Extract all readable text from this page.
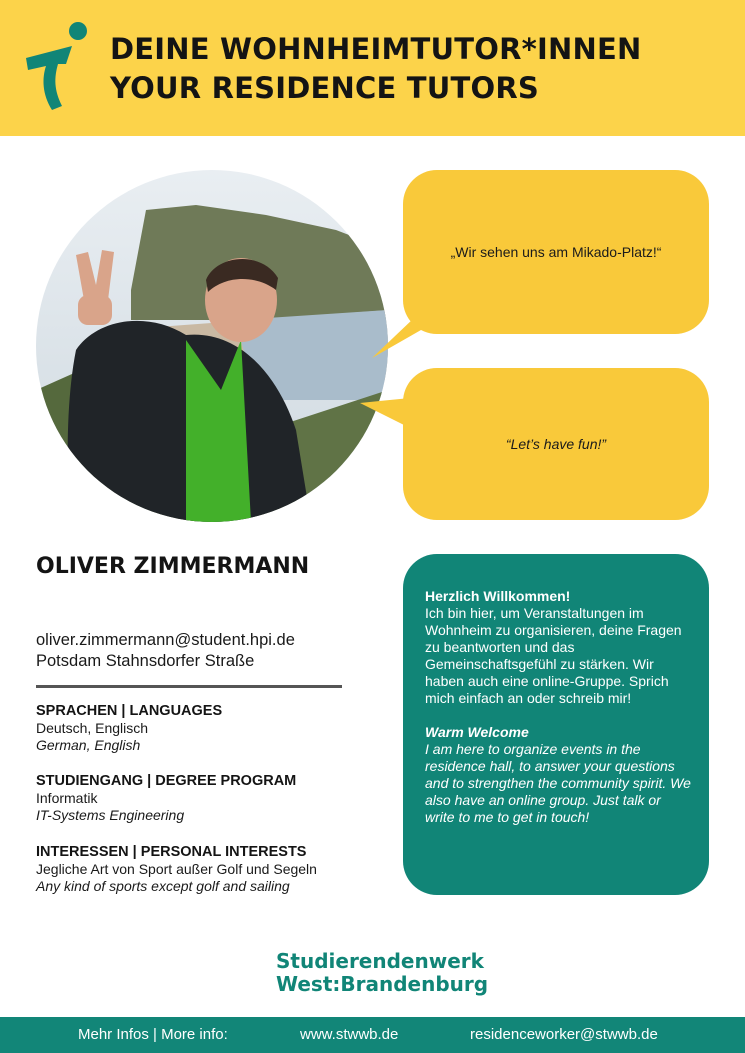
DEINE WOHNHEIMTUTOR*INNEN
YOUR RESIDENCE TUTORS
„Wir sehen uns am Mikado-Platz!“
“Let’s have fun!”
OLIVER ZIMMERMANN
oliver.zimmermann@student.hpi.de
Potsdam Stahnsdorfer Straße
SPRACHEN | LANGUAGES
Deutsch, Englisch
German, English
STUDIENGANG | DEGREE PROGRAM
Informatik
IT-Systems Engineering
INTERESSEN | PERSONAL INTERESTS
Jegliche Art von Sport außer Golf und Segeln
Any kind of sports except golf and sailing
Herzlich Willkommen!
Ich bin hier, um Veranstaltungen im Wohnheim zu organisieren, deine Fragen zu beantworten und das Gemeinschaftsgefühl zu stärken. Wir haben auch eine online-Gruppe. Sprich mich einfach an oder schreib mir!
Warm Welcome
I am here to organize events in the residence hall, to answer your questions and to strengthen the community spirit. We also have an online group. Just talk or write to me to get in touch!
Studierendenwerk
West:Brandenburg
Mehr Infos | More info:	www.stwwb.de	residenceworker@stwwb.de
